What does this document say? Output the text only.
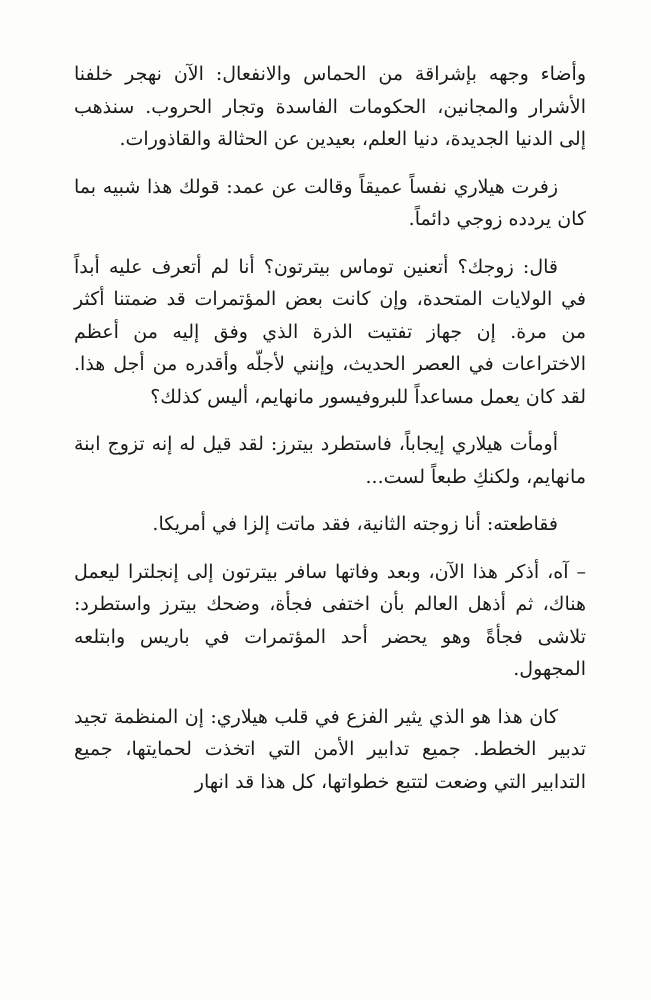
وأضاء وجهه بإشراقة من الحماس والانفعال: الآن نهجر خلفنا الأشرار والمجانين، الحكومات الفاسدة وتجار الحروب. سنذهب إلى الدنيا الجديدة، دنيا العلم، بعيدين عن الحثالة والقاذورات.

زفرت هيلاري نفساً عميقاً وقالت عن عمد: قولك هذا شبيه بما كان يردده زوجي دائماً.

قال: زوجك؟ أتعنين توماس بيترتون؟ أنا لم أتعرف عليه أبداً في الولايات المتحدة، وإن كانت بعض المؤتمرات قد ضمتنا أكثر من مرة. إن جهاز تفتيت الذرة الذي وفق إليه من أعظم الاختراعات في العصر الحديث، وإنني لأجلّه وأقدره من أجل هذا. لقد كان يعمل مساعداً للبروفيسور مانهايم، أليس كذلك؟

أومأت هيلاري إيجاباً، فاستطرد بيترز: لقد قيل له إنه تزوج ابنة مانهايم، ولكنكِ طبعاً لست...

فقاطعته: أنا زوجته الثانية، فقد ماتت إلزا في أمريكا.

– آه، أذكر هذا الآن، وبعد وفاتها سافر بيترتون إلى إنجلترا ليعمل هناك، ثم أذهل العالم بأن اختفى فجأة، وضحك بيترز واستطرد: تلاشى فجأةً وهو يحضر أحد المؤتمرات في باريس وابتلعه المجهول.

كان هذا هو الذي يثير الفزع في قلب هيلاري: إن المنظمة تجيد تدبير الخطط. جميع تدابير الأمن التي اتخذت لحمايتها، جميع التدابير التي وضعت لتتبع خطواتها، كل هذا قد انهار
